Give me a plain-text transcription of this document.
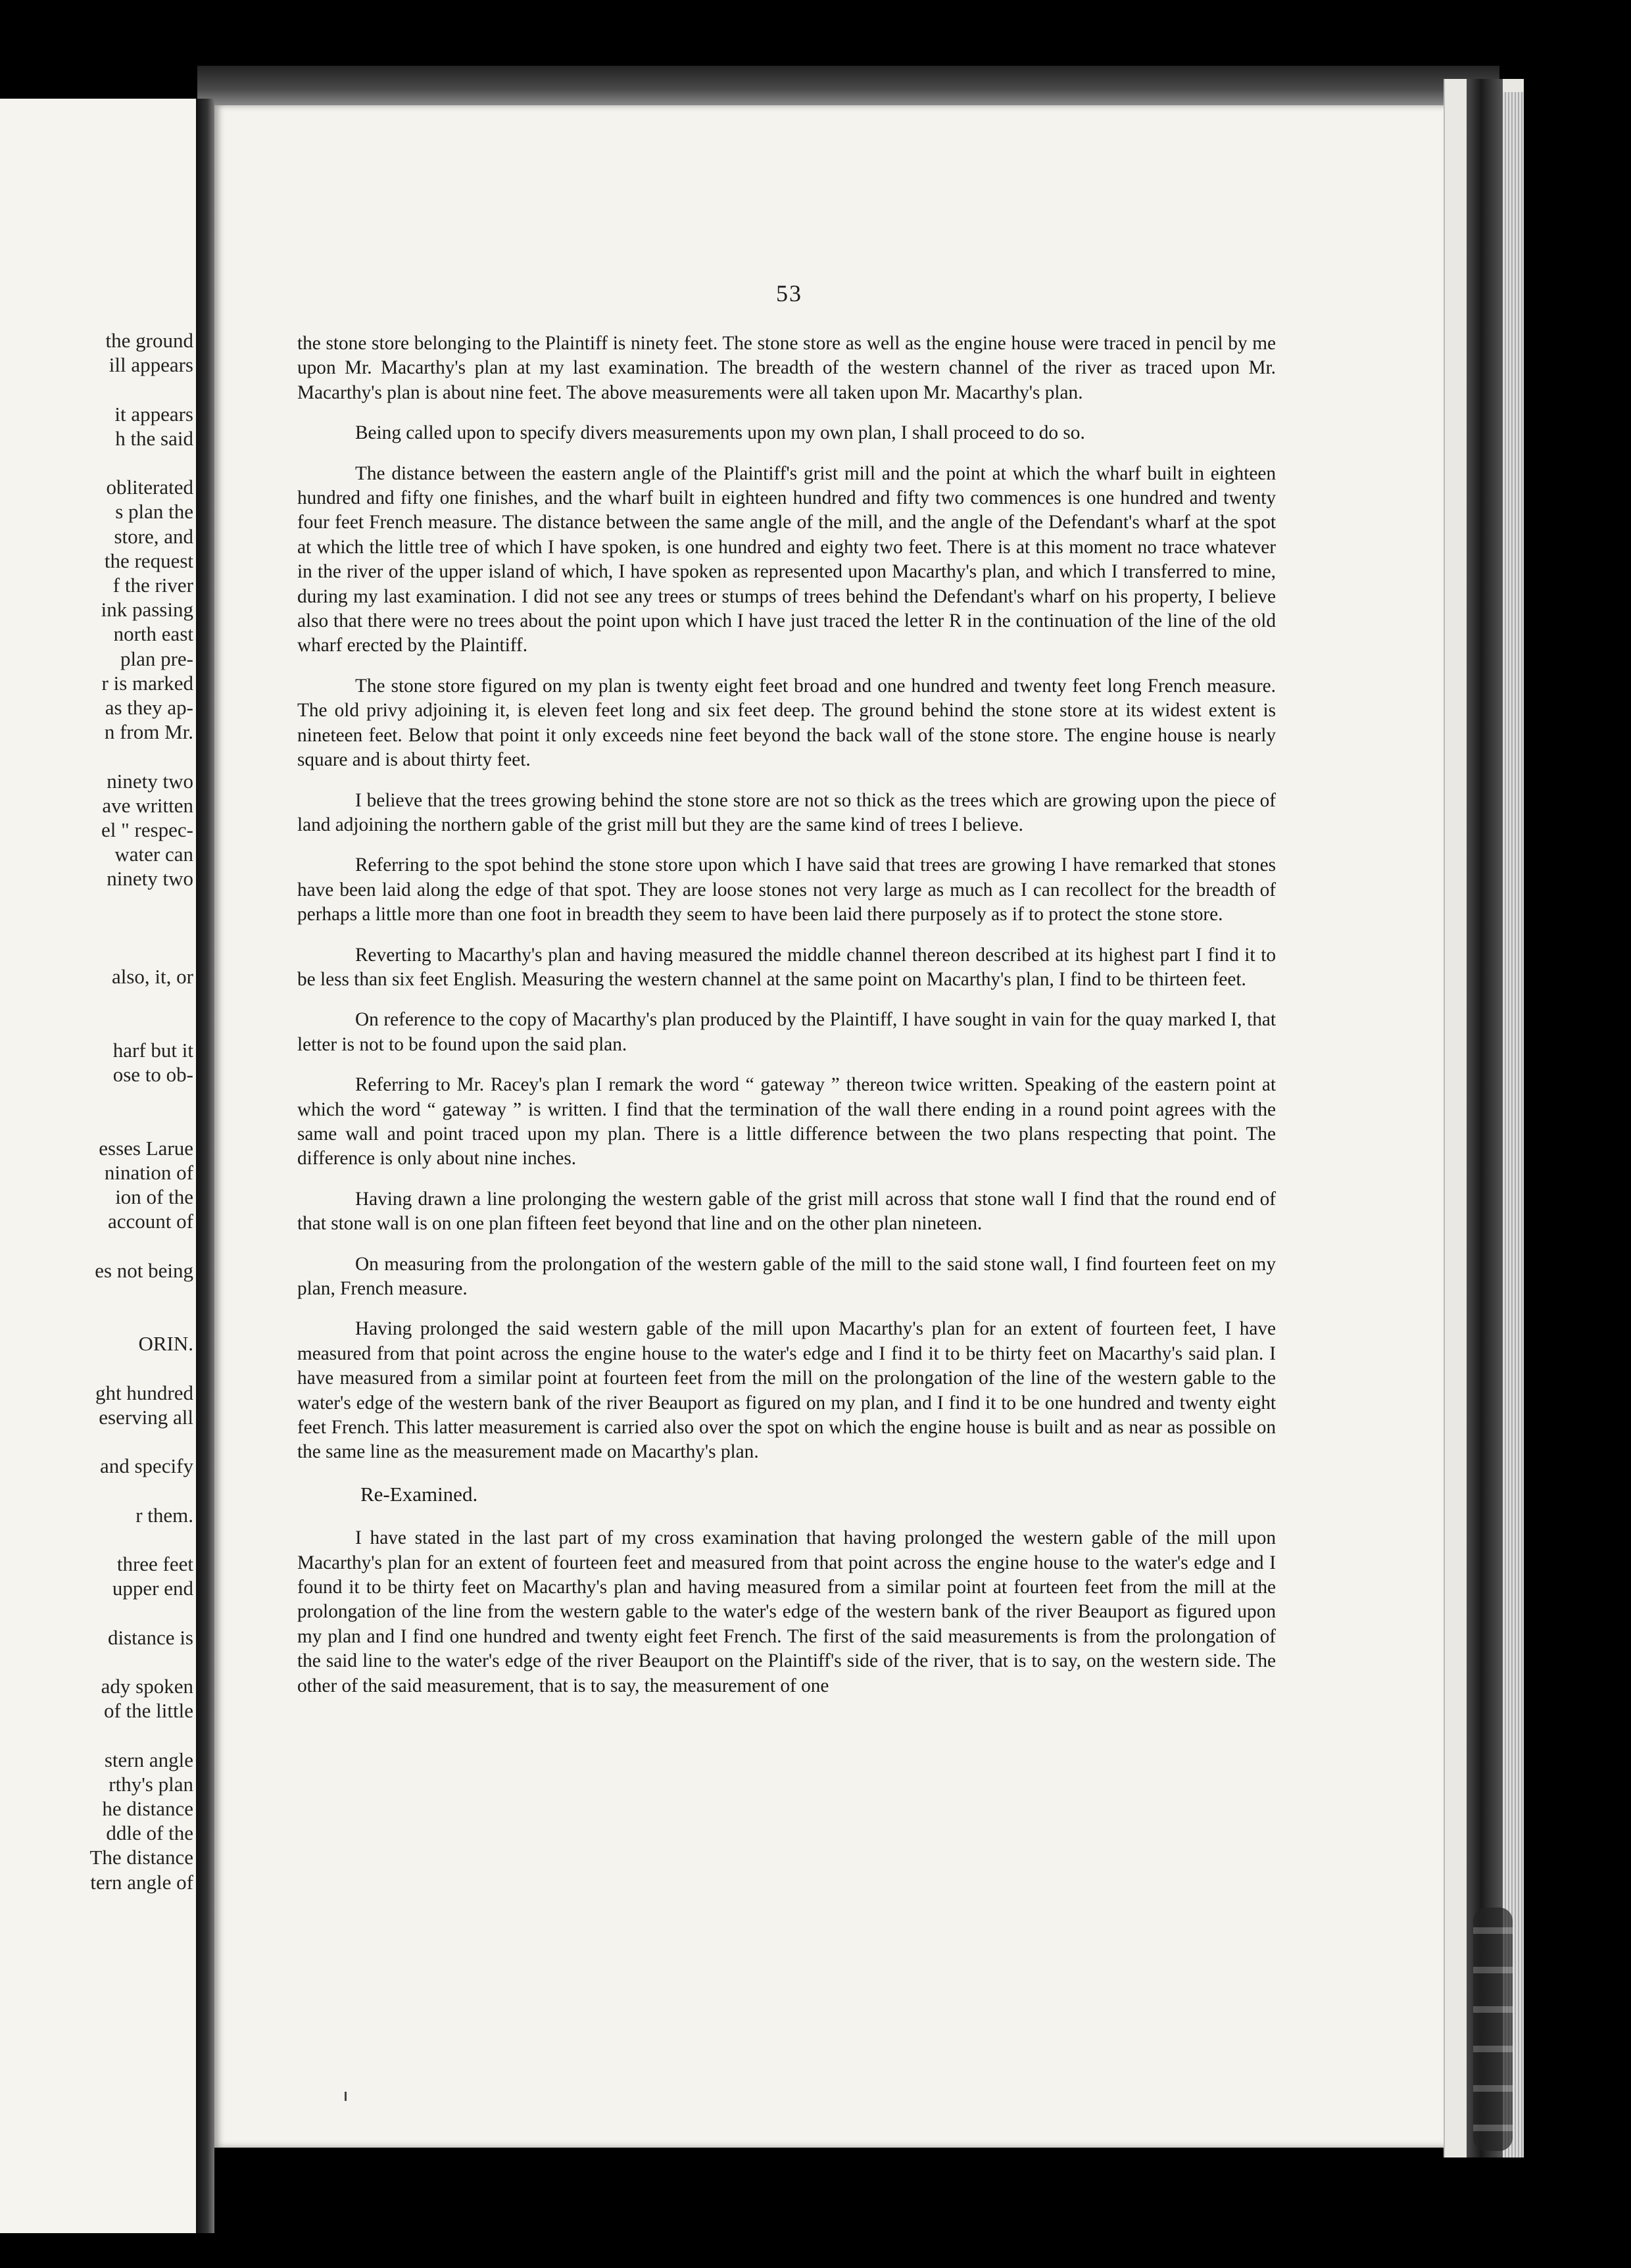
the ground
ill appears
it appears
h the said
obliterated
s plan the
store, and
the request
f the river
ink passing
north east
plan pre-
r is marked
as they ap-
n from Mr.
ninety two
ave written
el " respec-
water can
ninety two
also, it, or
harf but it
ose to ob-
esses Larue
nination of
ion of the
account of
es not being
ORIN.
ght hundred
eserving all
and specify
r them.
three feet
upper end
distance is
ady spoken
of the little
stern angle
rthy's plan
he distance
ddle of the
The distance
tern angle of
53

the stone store belonging to the Plaintiff is ninety feet. The stone store as well as the engine house were traced in pencil by me upon Mr. Macarthy's plan at my last examination. The breadth of the western channel of the river as traced upon Mr. Macarthy's plan is about nine feet. The above measurements were all taken upon Mr. Macarthy's plan.

Being called upon to specify divers measurements upon my own plan, I shall proceed to do so.

The distance between the eastern angle of the Plaintiff's grist mill and the point at which the wharf built in eighteen hundred and fifty one finishes, and the wharf built in eighteen hundred and fifty two commences is one hundred and twenty four feet French measure. The distance between the same angle of the mill, and the angle of the Defendant's wharf at the spot at which the little tree of which I have spoken, is one hundred and eighty two feet. There is at this moment no trace whatever in the river of the upper island of which, I have spoken as represented upon Macarthy's plan, and which I transferred to mine, during my last examination. I did not see any trees or stumps of trees behind the Defendant's wharf on his property, I believe also that there were no trees about the point upon which I have just traced the letter R in the continuation of the line of the old wharf erected by the Plaintiff.

The stone store figured on my plan is twenty eight feet broad and one hundred and twenty feet long French measure. The old privy adjoining it, is eleven feet long and six feet deep. The ground behind the stone store at its widest extent is nineteen feet. Below that point it only exceeds nine feet beyond the back wall of the stone store. The engine house is nearly square and is about thirty feet.

I believe that the trees growing behind the stone store are not so thick as the trees which are growing upon the piece of land adjoining the northern gable of the grist mill but they are the same kind of trees I believe.

Referring to the spot behind the stone store upon which I have said that trees are growing I have remarked that stones have been laid along the edge of that spot. They are loose stones not very large as much as I can recollect for the breadth of perhaps a little more than one foot in breadth they seem to have been laid there purposely as if to protect the stone store.

Reverting to Macarthy's plan and having measured the middle channel thereon described at its highest part I find it to be less than six feet English. Measuring the western channel at the same point on Macarthy's plan, I find to be thirteen feet.

On reference to the copy of Macarthy's plan produced by the Plaintiff, I have sought in vain for the quay marked I, that letter is not to be found upon the said plan.

Referring to Mr. Racey's plan I remark the word “ gateway ” thereon twice written. Speaking of the eastern point at which the word “ gateway ” is written. I find that the termination of the wall there ending in a round point agrees with the same wall and point traced upon my plan. There is a little difference between the two plans respecting that point. The difference is only about nine inches.

Having drawn a line prolonging the western gable of the grist mill across that stone wall I find that the round end of that stone wall is on one plan fifteen feet beyond that line and on the other plan nineteen.

On measuring from the prolongation of the western gable of the mill to the said stone wall, I find fourteen feet on my plan, French measure.

Having prolonged the said western gable of the mill upon Macarthy's plan for an extent of fourteen feet, I have measured from that point across the engine house to the water's edge and I find it to be thirty feet on Macarthy's said plan. I have measured from a similar point at fourteen feet from the mill on the prolongation of the line of the western gable to the water's edge of the western bank of the river Beauport as figured on my plan, and I find it to be one hundred and twenty eight feet French. This latter measurement is carried also over the spot on which the engine house is built and as near as possible on the same line as the measurement made on Macarthy's plan.

Re-Examined.

I have stated in the last part of my cross examination that having prolonged the western gable of the mill upon Macarthy's plan for an extent of fourteen feet and measured from that point across the engine house to the water's edge and I found it to be thirty feet on Macarthy's plan and having measured from a similar point at fourteen feet from the mill at the prolongation of the line from the western gable to the water's edge of the western bank of the river Beauport as figured upon my plan and I find one hundred and twenty eight feet French. The first of the said measurements is from the prolongation of the said line to the water's edge of the river Beauport on the Plaintiff's side of the river, that is to say, on the western side. The other of the said measurement, that is to say, the measurement of one
